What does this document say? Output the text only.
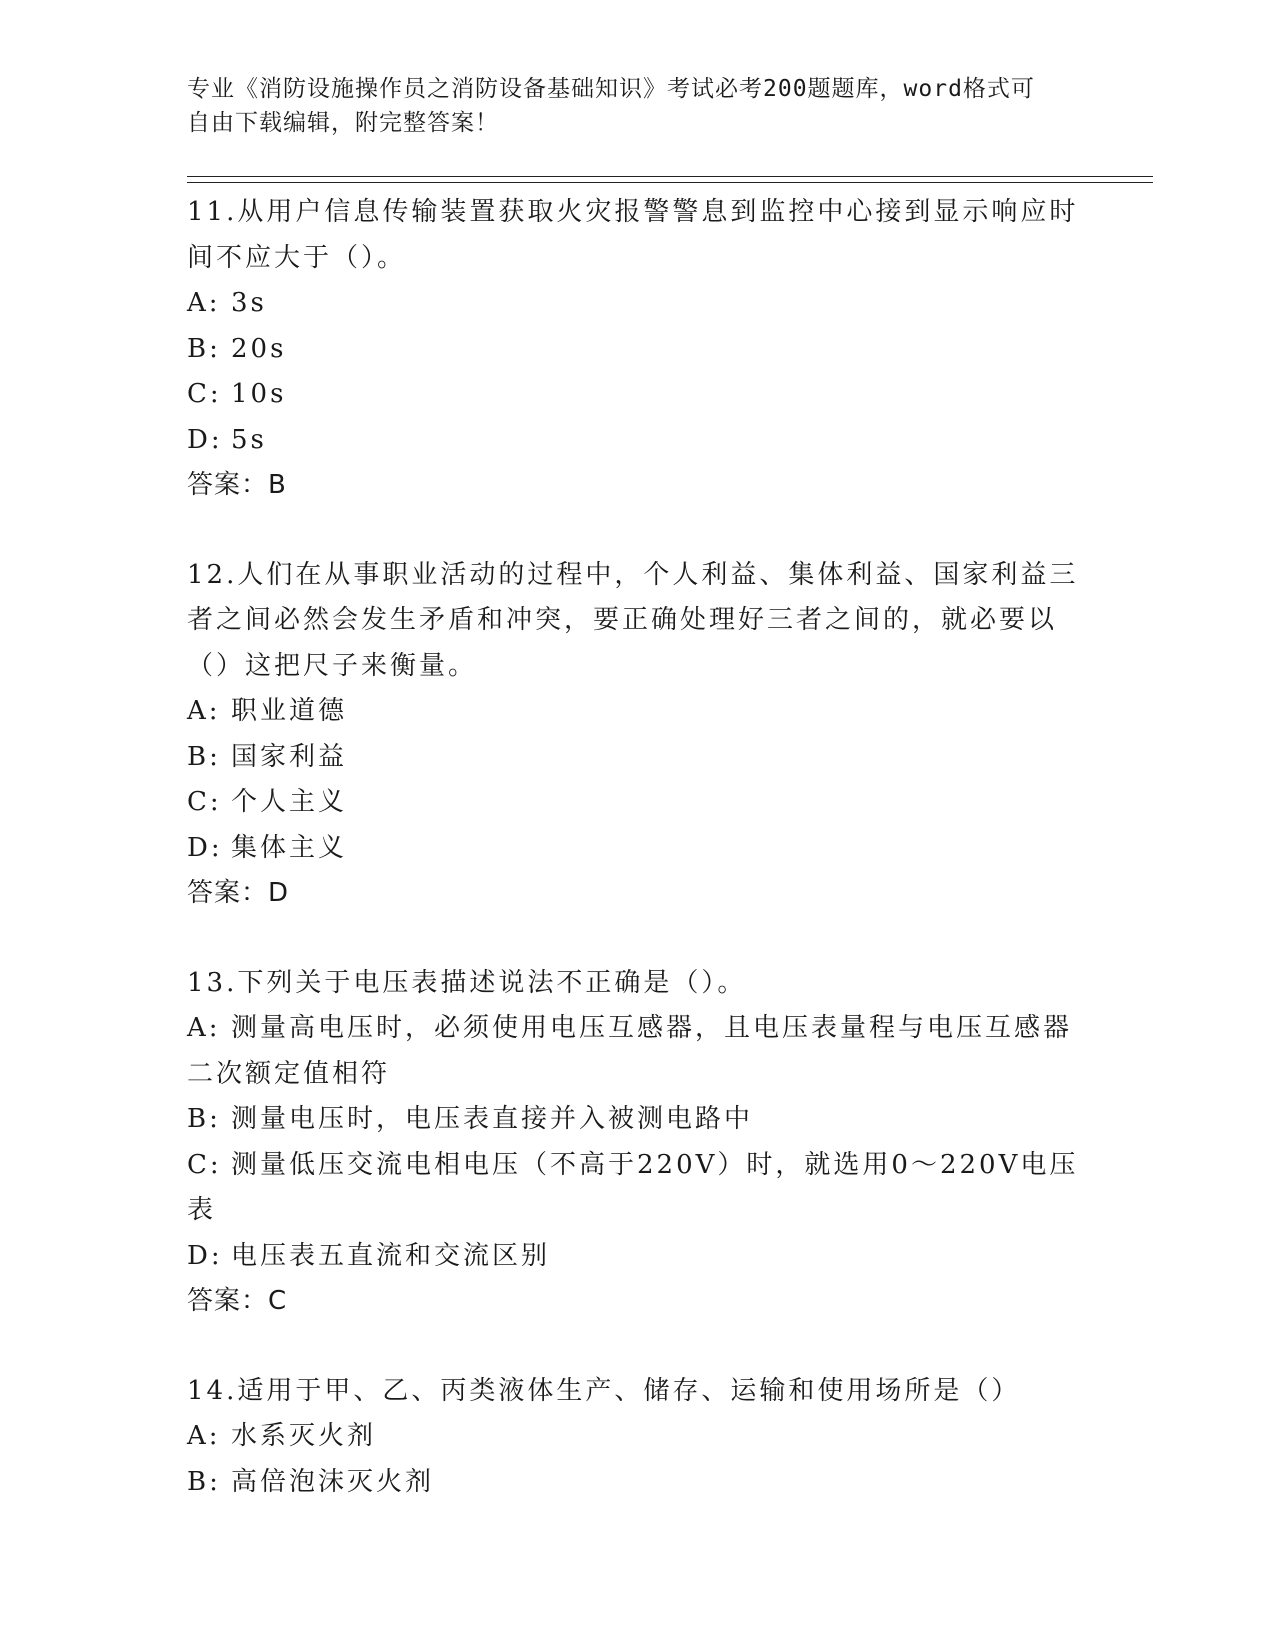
专业《消防设施操作员之消防设备基础知识》考试必考200题题库，word格式可
自由下载编辑，附完整答案！

11.从用户信息传输装置获取火灾报警警息到监控中心接到显示响应时

间不应大于（）。

A: 3s

B: 20s

C: 10s

D: 5s

答案：B

12.人们在从事职业活动的过程中，个人利益、集体利益、国家利益三

者之间必然会发生矛盾和冲突，要正确处理好三者之间的，就必要以

（）这把尺子来衡量。

A: 职业道德

B: 国家利益

C: 个人主义

D: 集体主义

答案：D

13.下列关于电压表描述说法不正确是（）。

A: 测量高电压时，必须使用电压互感器，且电压表量程与电压互感器

二次额定值相符

B: 测量电压时，电压表直接并入被测电路中

C: 测量低压交流电相电压（不高于220V）时，就选用0～220V电压表

D: 电压表五直流和交流区别

答案：C

14.适用于甲、乙、丙类液体生产、储存、运输和使用场所是（）

A: 水系灭火剂

B: 高倍泡沫灭火剂
